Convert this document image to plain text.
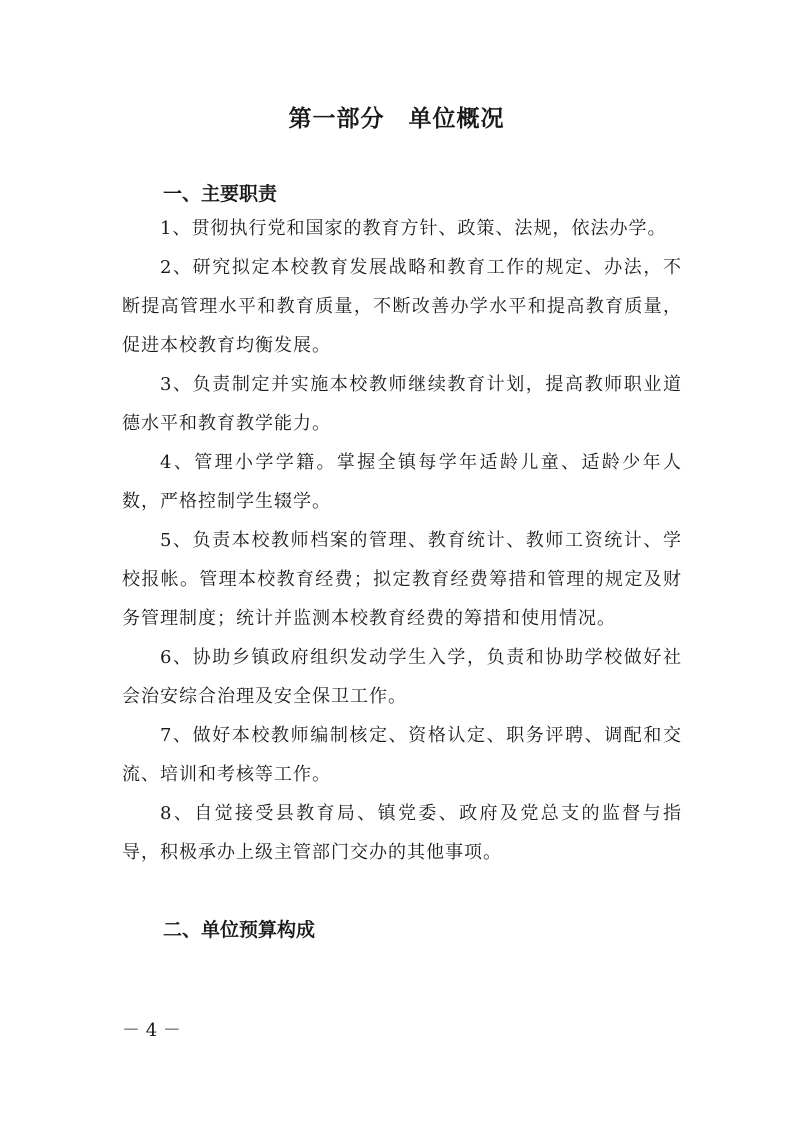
第一部分　单位概况
一、主要职责

1、贯彻执行党和国家的教育方针、政策、法规，依法办学。

2、研究拟定本校教育发展战略和教育工作的规定、办法，不断提高管理水平和教育质量，不断改善办学水平和提高教育质量，促进本校教育均衡发展。

3、负责制定并实施本校教师继续教育计划，提高教师职业道德水平和教育教学能力。

4、管理小学学籍。掌握全镇每学年适龄儿童、适龄少年人数，严格控制学生辍学。

5、负责本校教师档案的管理、教育统计、教师工资统计、学校报帐。管理本校教育经费；拟定教育经费筹措和管理的规定及财务管理制度；统计并监测本校教育经费的筹措和使用情况。

6、协助乡镇政府组织发动学生入学，负责和协助学校做好社会治安综合治理及安全保卫工作。

7、做好本校教师编制核定、资格认定、职务评聘、调配和交流、培训和考核等工作。

8、自觉接受县教育局、镇党委、政府及党总支的监督与指导，积极承办上级主管部门交办的其他事项。

二、单位预算构成
－ 4 －
